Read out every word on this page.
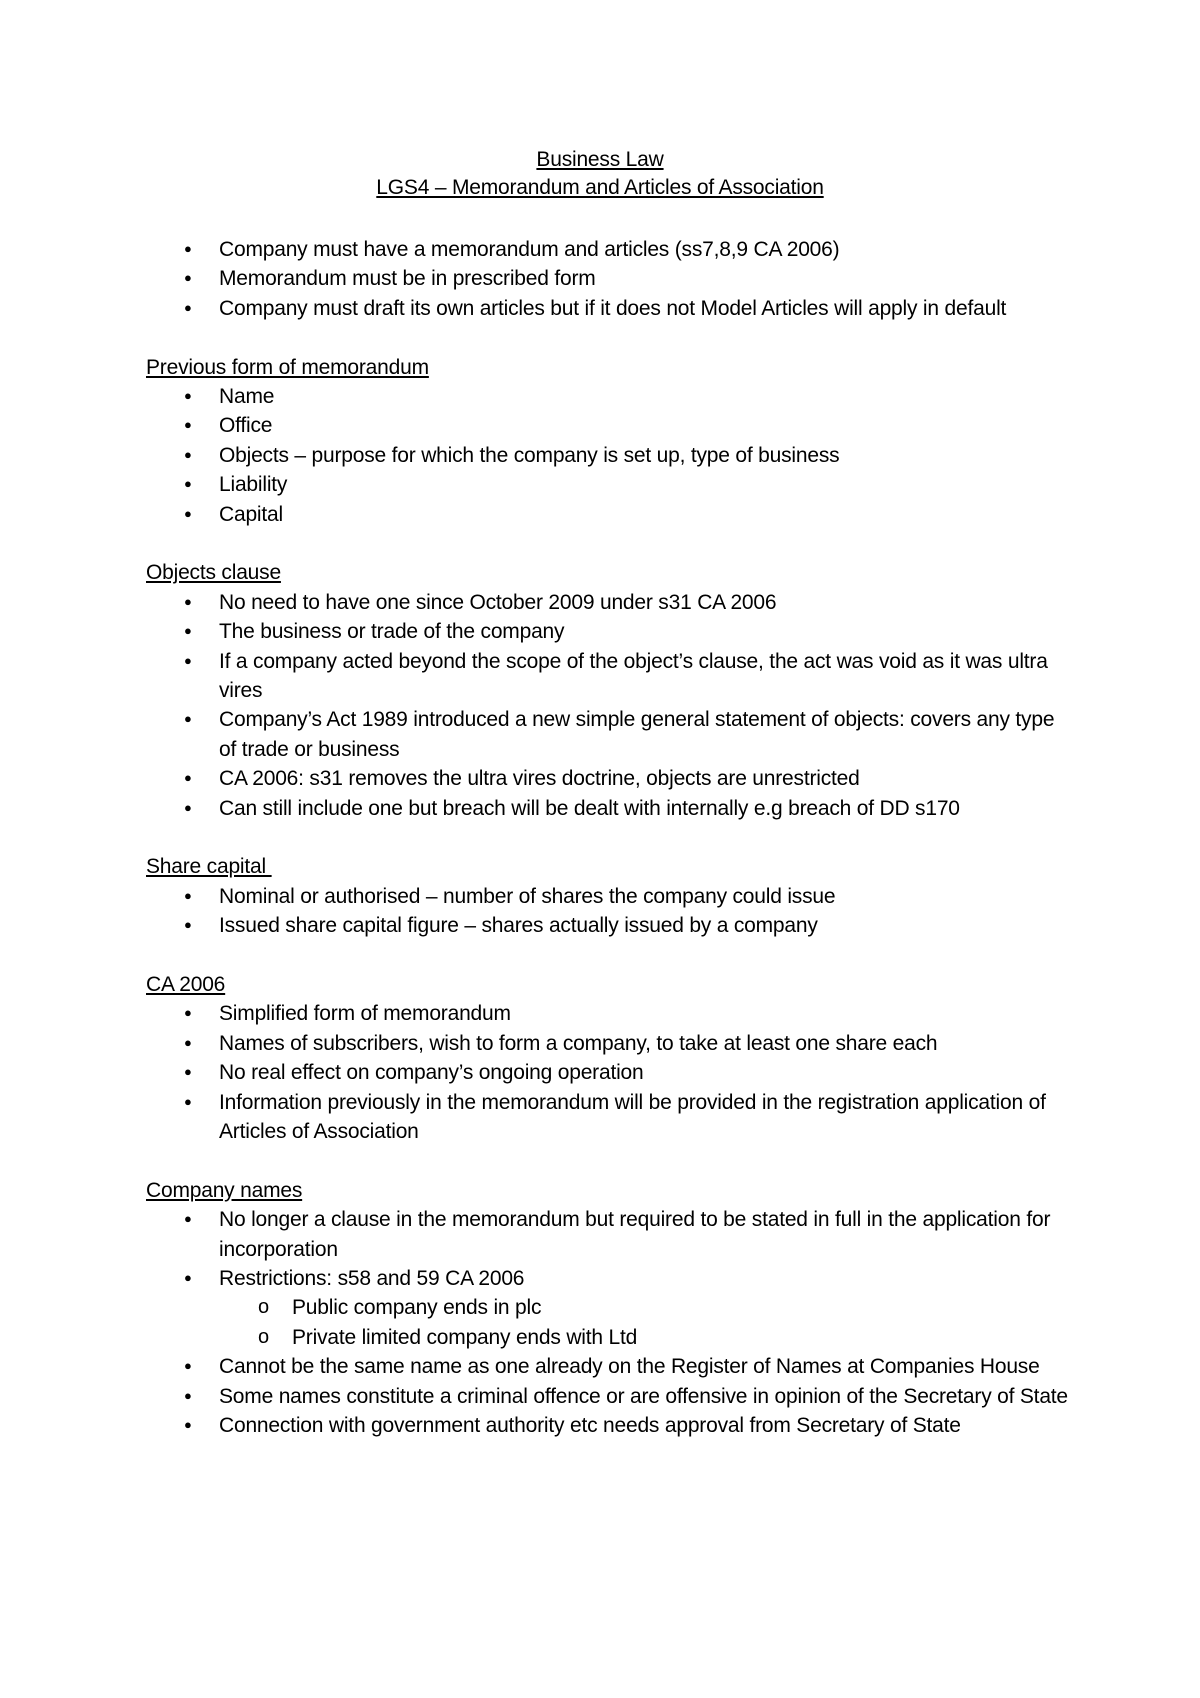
Business Law
LGS4 – Memorandum and Articles of Association
● Company must have a memorandum and articles (ss7,8,9 CA 2006)
● Memorandum must be in prescribed form
● Company must draft its own articles but if it does not Model Articles will apply in default
Previous form of memorandum
● Name
● Office
● Objects – purpose for which the company is set up, type of business
● Liability
● Capital
Objects clause
● No need to have one since October 2009 under s31 CA 2006
● The business or trade of the company
● If a company acted beyond the scope of the object’s clause, the act was void as it was ultra vires
● Company’s Act 1989 introduced a new simple general statement of objects: covers any type of trade or business
● CA 2006: s31 removes the ultra vires doctrine, objects are unrestricted
● Can still include one but breach will be dealt with internally e.g breach of DD s170
Share capital
● Nominal or authorised – number of shares the company could issue
● Issued share capital figure – shares actually issued by a company
CA 2006
● Simplified form of memorandum
● Names of subscribers, wish to form a company, to take at least one share each
● No real effect on company’s ongoing operation
● Information previously in the memorandum will be provided in the registration application of Articles of Association
Company names
● No longer a clause in the memorandum but required to be stated in full in the application for incorporation
● Restrictions: s58 and 59 CA 2006
o Public company ends in plc
o Private limited company ends with Ltd
● Cannot be the same name as one already on the Register of Names at Companies House
● Some names constitute a criminal offence or are offensive in opinion of the Secretary of State
● Connection with government authority etc needs approval from Secretary of State
